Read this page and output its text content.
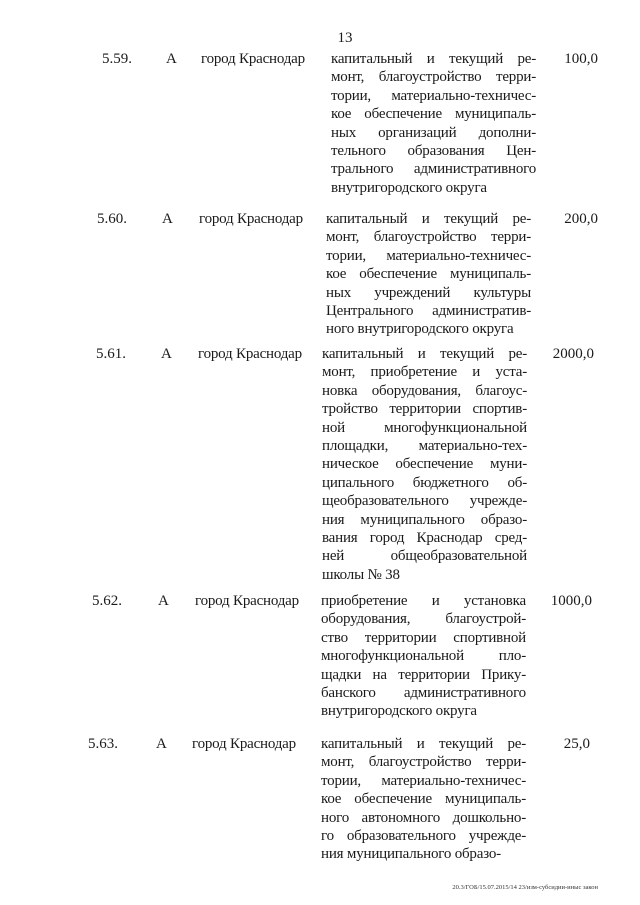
13
5.59. А город Краснодар капитальный и текущий ре-
монт, благоустройство терри-
тории, материально-техничес-
кое обеспечение муниципаль-
ных организаций дополни-
тельного образования Цен-
трального административного
внутригородского округа
100,0
5.60. А город Краснодар капитальный и текущий ре-
монт, благоустройство терри-
тории, материально-техничес-
кое обеспечение муниципаль-
ных учреждений культуры
Центрального административ-
ного внутригородского округа
200,0
5.61. А город Краснодар капитальный и текущий ре-
монт, приобретение и уста-
новка оборудования, благоус-
тройство территории спортив-
ной многофункциональной
площадки, материально-тех-
ническое обеспечение муни-
ципального бюджетного об-
щеобразовательного учрежде-
ния муниципального образо-
вания город Краснодар сред-
ней общеобразовательной
школы № 38
2000,0
5.62. А город Краснодар приобретение и установка
оборудования, благоустрой-
ство территории спортивной
многофункциональной пло-
щадки на территории Прику-
банского административного
внутригородского округа
1000,0
5.63.	А город Краснодар капитальный и текущий ре-
монт, благоустройство терри-
тории, материально-техничес-
кое обеспечение муниципаль-
ного автономного дошкольно-
го образовательного учрежде-
ния муниципального образо-
25,0
20.3/ГОБ/15.07.2015/14 23/изм-субсидии-иныс закон
